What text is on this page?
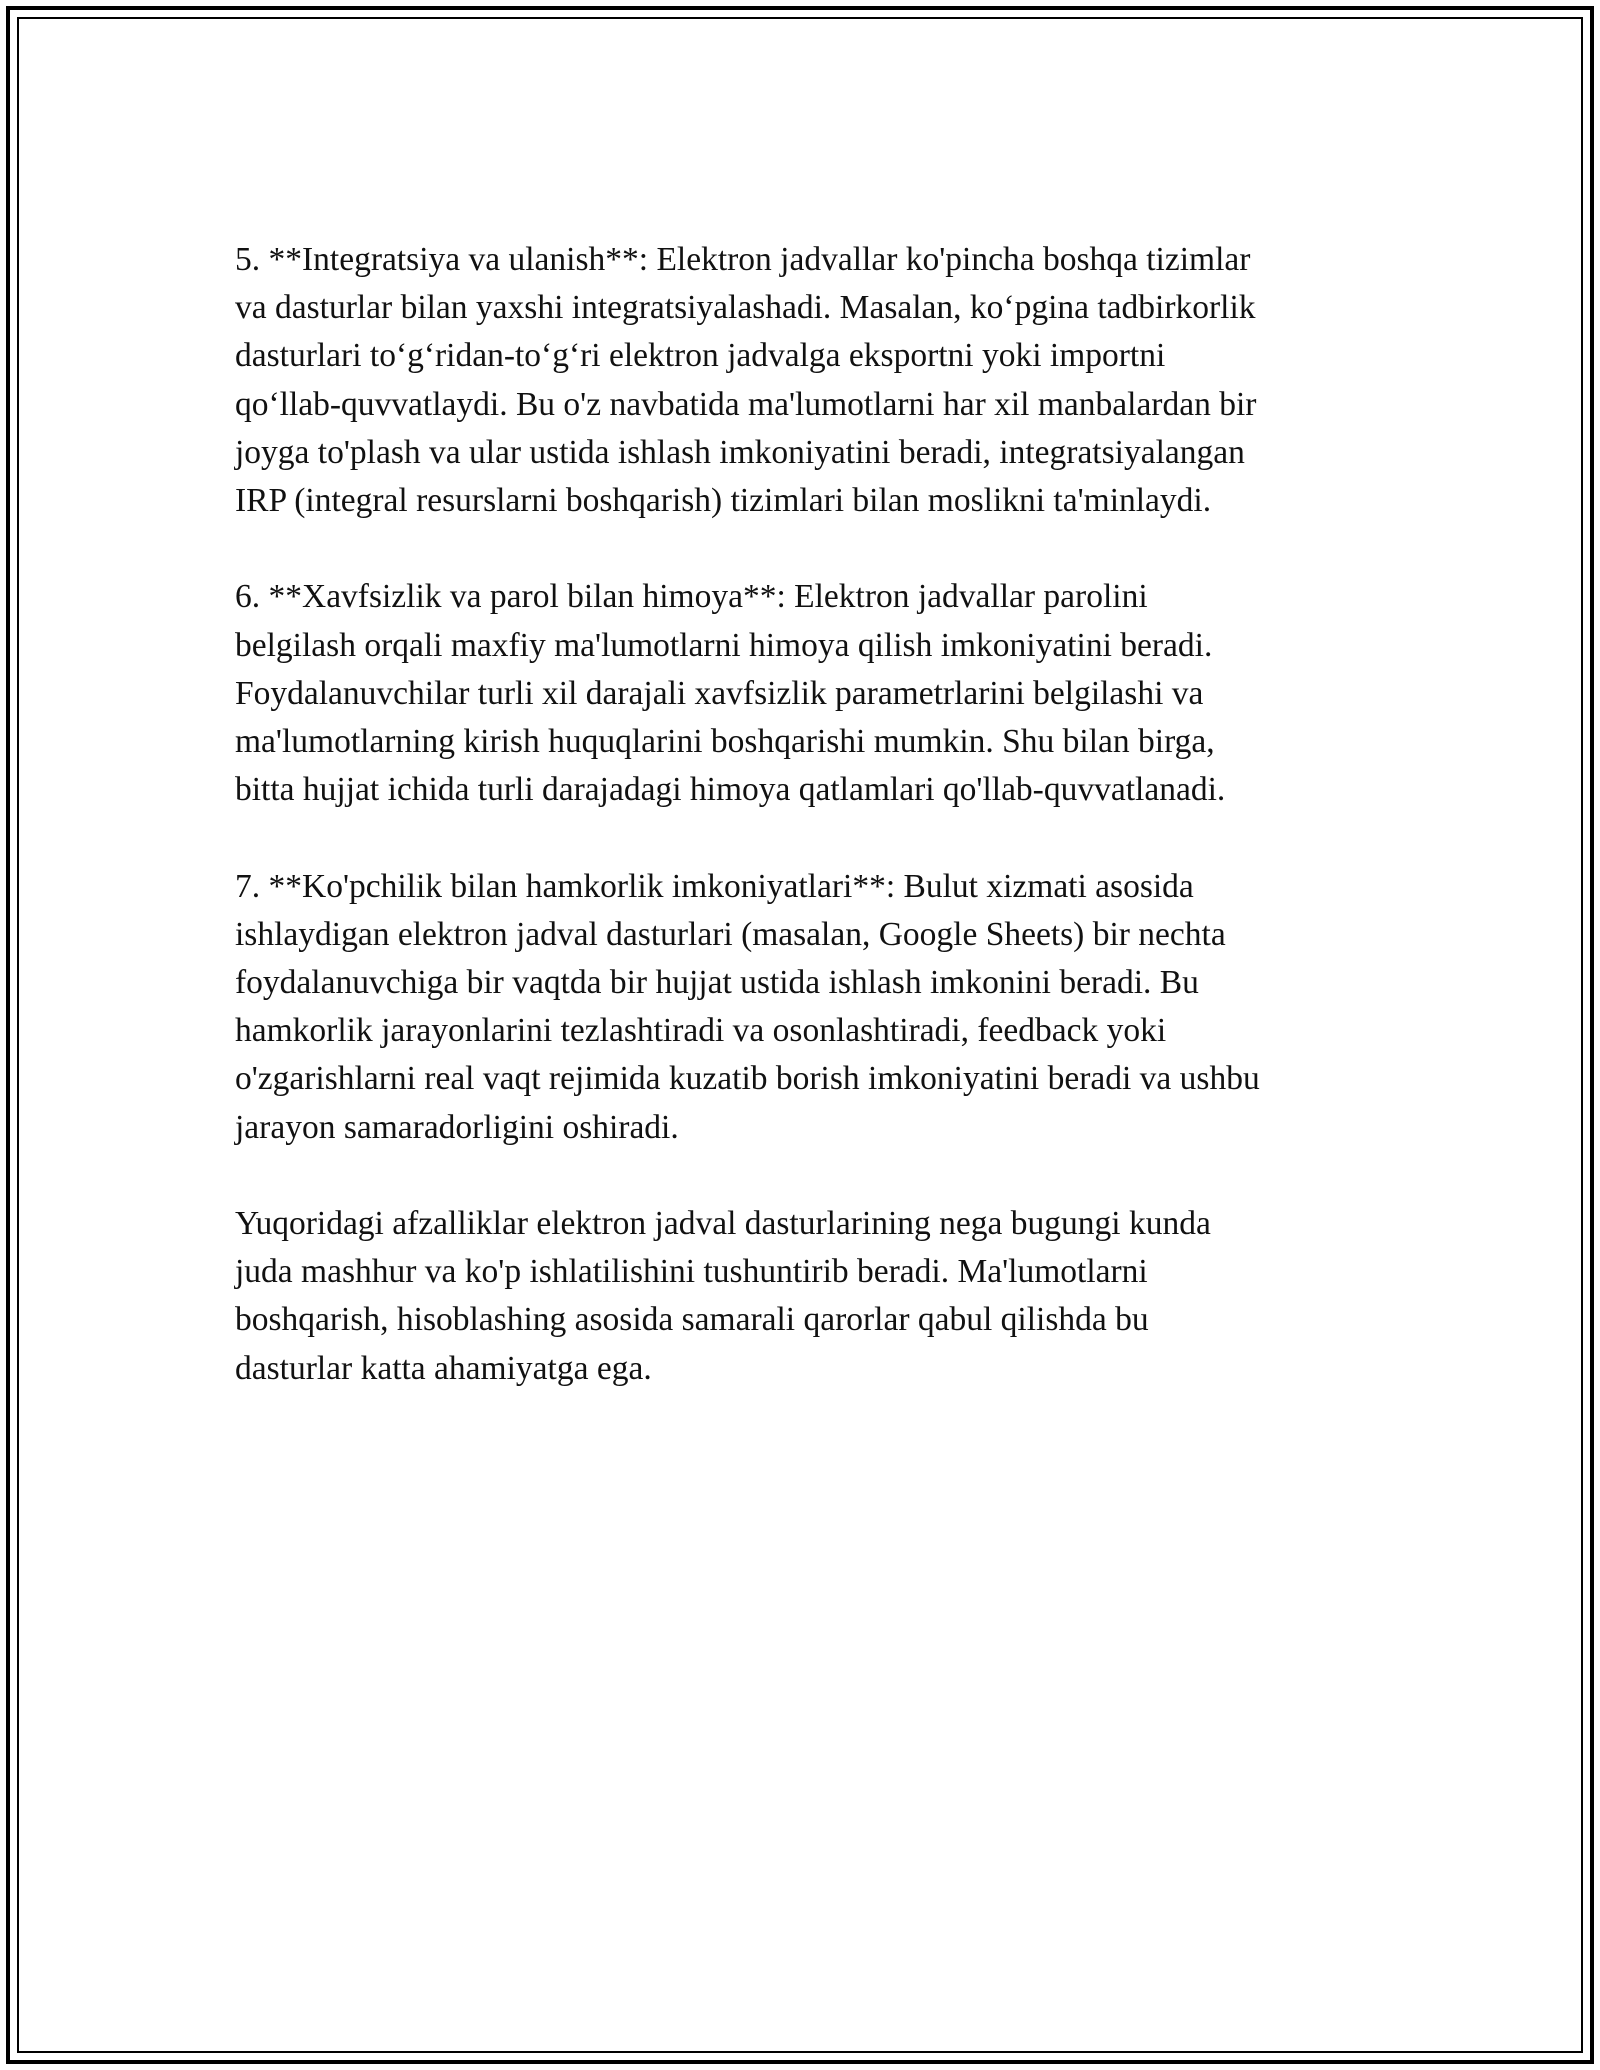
5. **Integratsiya va ulanish**: Elektron jadvallar ko'pincha boshqa tizimlar
va dasturlar bilan yaxshi integratsiyalashadi. Masalan, ko‘pgina tadbirkorlik
dasturlari to‘g‘ridan-to‘g‘ri elektron jadvalga eksportni yoki importni
qo‘llab-quvvatlaydi. Bu o'z navbatida ma'lumotlarni har xil manbalardan bir
joyga to'plash va ular ustida ishlash imkoniyatini beradi, integratsiyalangan
IRP (integral resurslarni boshqarish) tizimlari bilan moslikni ta'minlaydi.

6. **Xavfsizlik va parol bilan himoya**: Elektron jadvallar parolini
belgilash orqali maxfiy ma'lumotlarni himoya qilish imkoniyatini beradi.
Foydalanuvchilar turli xil darajali xavfsizlik parametrlarini belgilashi va
ma'lumotlarning kirish huquqlarini boshqarishi mumkin. Shu bilan birga,
bitta hujjat ichida turli darajadagi himoya qatlamlari qo'llab-quvvatlanadi.

7. **Ko'pchilik bilan hamkorlik imkoniyatlari**: Bulut xizmati asosida
ishlaydigan elektron jadval dasturlari (masalan, Google Sheets) bir nechta
foydalanuvchiga bir vaqtda bir hujjat ustida ishlash imkonini beradi. Bu
hamkorlik jarayonlarini tezlashtiradi va osonlashtiradi, feedback yoki
o'zgarishlarni real vaqt rejimida kuzatib borish imkoniyatini beradi va ushbu
jarayon samaradorligini oshiradi.

Yuqoridagi afzalliklar elektron jadval dasturlarining nega bugungi kunda
juda mashhur va ko'p ishlatilishini tushuntirib beradi. Ma'lumotlarni
boshqarish, hisoblashing asosida samarali qarorlar qabul qilishda bu
dasturlar katta ahamiyatga ega.
